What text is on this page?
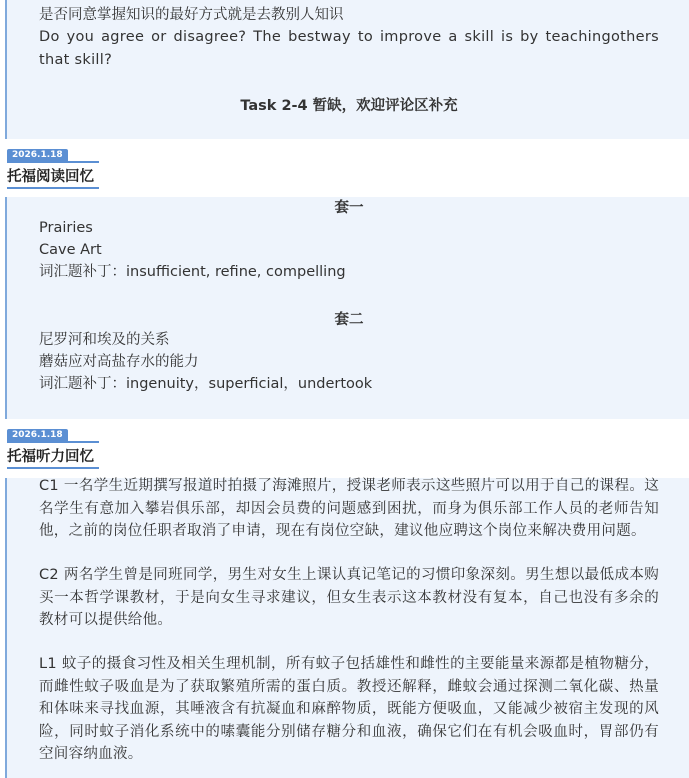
是否同意掌握知识的最好方式就是去教别人知识
Do you agree or disagree? The bestway to improve a skill is by teachingothers that skill?
Task 2-4 暂缺，欢迎评论区补充
2026.1.18
托福阅读回忆
套一
Prairies
Cave Art
词汇题补丁：insufficient, refine, compelling
套二
尼罗河和埃及的关系
蘑菇应对高盐存水的能力
词汇题补丁：ingenuity，superficial，undertook
2026.1.18
托福听力回忆
C1 一名学生近期撰写报道时拍摄了海滩照片，授课老师表示这些照片可以用于自己的课程。这名学生有意加入攀岩俱乐部，却因会员费的问题感到困扰，而身为俱乐部工作人员的老师告知他，之前的岗位任职者取消了申请，现在有岗位空缺，建议他应聘这个岗位来解决费用问题。
C2 两名学生曾是同班同学，男生对女生上课认真记笔记的习惯印象深刻。男生想以最低成本购买一本哲学课教材，于是向女生寻求建议，但女生表示这本教材没有复本，自己也没有多余的教材可以提供给他。
L1 蚊子的摄食习性及相关生理机制，所有蚊子包括雄性和雌性的主要能量来源都是植物糖分，而雌性蚊子吸血是为了获取繁殖所需的蛋白质。教授还解释，雌蚊会通过探测二氧化碳、热量和体味来寻找血源，其唾液含有抗凝血和麻醉物质，既能方便吸血，又能减少被宿主发现的风险，同时蚊子消化系统中的嗉囊能分别储存糖分和血液，确保它们在有机会吸血时，胃部仍有空间容纳血液。
